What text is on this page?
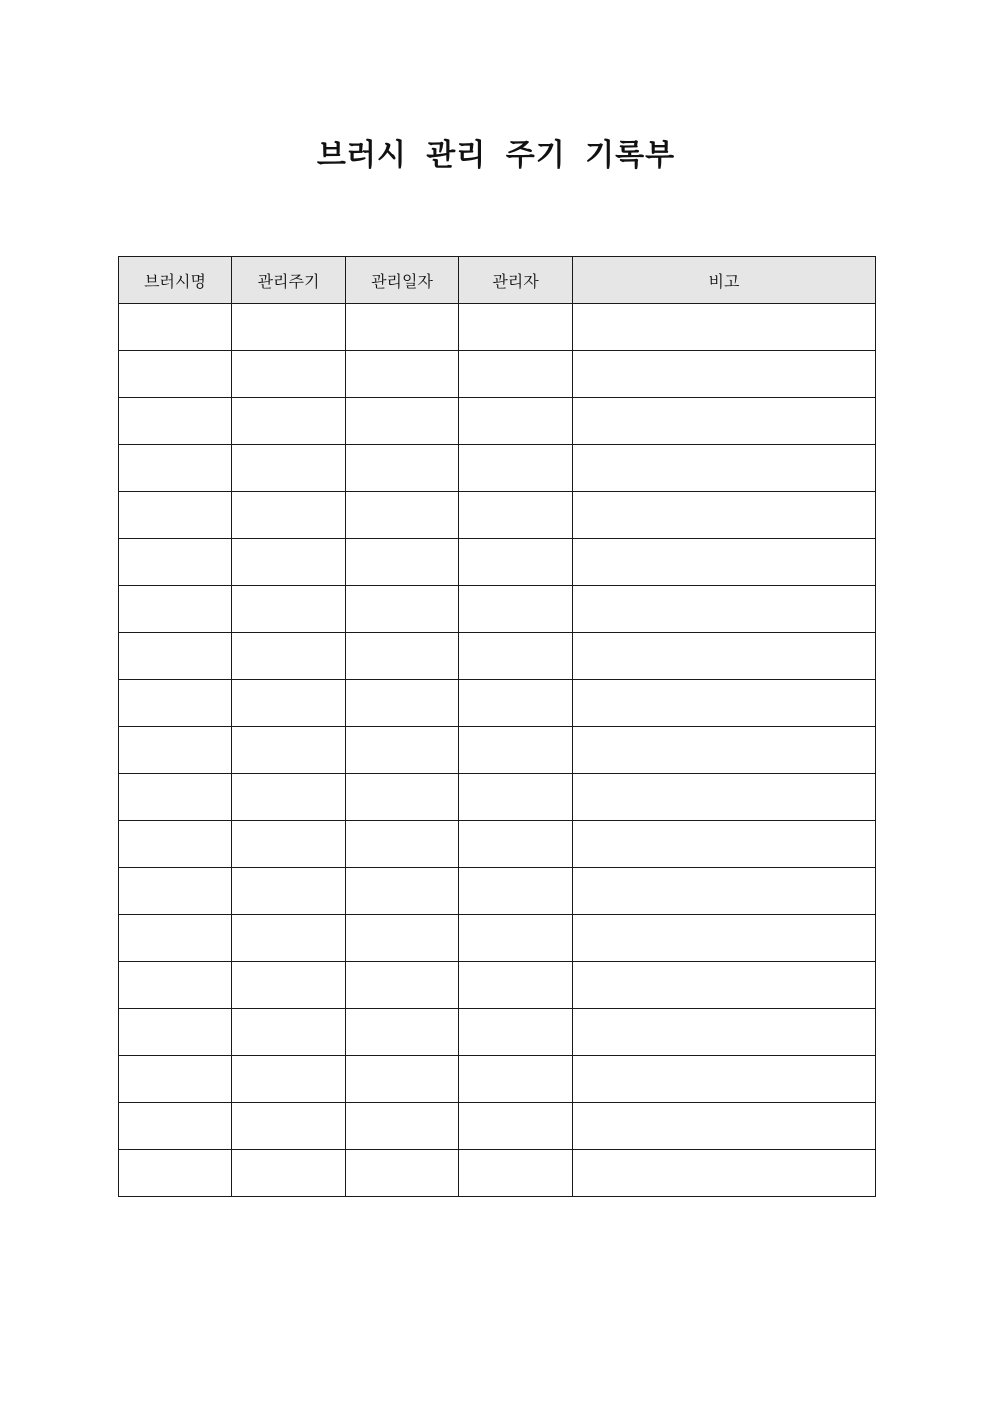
브러시 관리 주기 기록부
브러시명	관리주기	관리일자	관리자	비고
